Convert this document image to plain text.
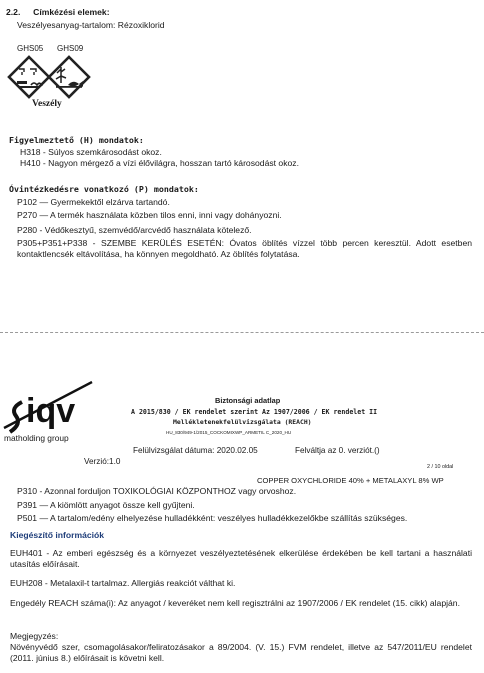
2.2. Címkézési elemek:
Veszélyesanyag-tartalom: Rézoxiklorid
GHS05 GHS09
Veszély
Figyelmeztető (H) mondatok:
H318 - Súlyos szemkárosodást okoz.
H410 - Nagyon mérgező a vízi élővilágra, hosszan tartó károsodást okoz.
Óvintézkedésre vonatkozó (P) mondatok:
P102 — Gyermekektől elzárva tartandó.
P270 — A termék használata közben tilos enni, inni vagy dohányozni.
P280 - Védőkesztyű, szemvédő/arcvédő használata kötelező.
P305+P351+P338 - SZEMBE KERÜLÉS ESETÉN: Óvatos öblítés vízzel több percen keresztül. Adott esetben kontaktlencsék eltávolítása, ha könnyen megoldható. Az öblítés folytatása.
iqv
matholding group
Biztonsági adatlap
A 2015/830 / EK rendelet szerint Az 1907/2006 / EK rendelet II
Mellékletenekfelülvizsgálata (REACH)
HU_830/949-1/2015_COCKOMIXWP_ARMETIL C_2020_HU
Felülvizsgálat dátuma: 2020.02.05	Felváltja az 0. verziót.()
Verzió:1.0
2 / 10 oldal
COPPER OXYCHLORIDE 40% + METALAXYL 8% WP
P310 - Azonnal forduljon TOXIKOLÓGIAI KÖZPONTHOZ vagy orvoshoz.
P391 — A kiömlött anyagot össze kell gyűjteni.
P501 — A tartalom/edény elhelyezése hulladékként: veszélyes hulladékkezelőkbe szállítás szükséges.
Kiegészítő információk
EUH401 - Az emberi egészség és a környezet veszélyeztetésének elkerülése érdekében be kell tartani a használati utasítás előírásait.
EUH208 - Metalaxil-t tartalmaz. Allergiás reakciót válthat ki.
Engedély REACH száma(i): Az anyagot / keveréket nem kell regisztrálni az 1907/2006 / EK rendelet (15. cikk) alapján.
Megjegyzés:
Növényvédő szer, csomagolásakor/feliratozásakor a 89/2004. (V. 15.) FVM rendelet, illetve az 547/2011/EU rendelet (2011. június 8.) előírásait is követni kell.
